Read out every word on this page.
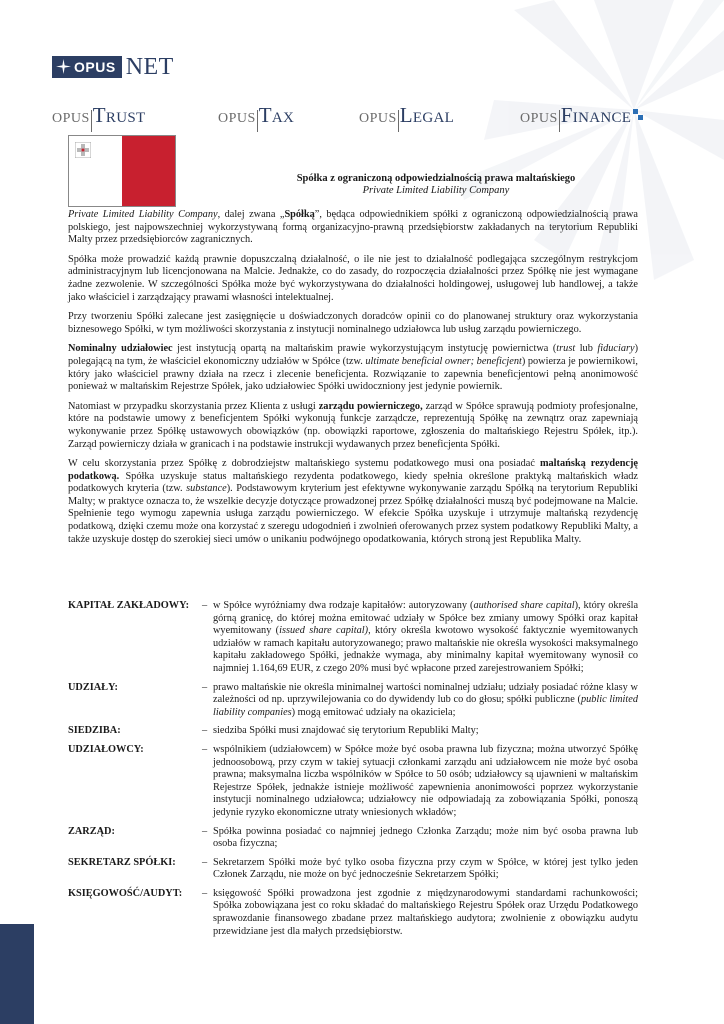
OPUS NET
OPUS Trust	OPUS Tax	OPUS Legal	OPUS Finance
Spółka z ograniczoną odpowiedzialnością prawa maltańskiego
Private Limited Liability Company

Private Limited Liability Company, dalej zwana „Spółką”, będąca odpowiednikiem spółki z ograniczoną odpowiedzialnością prawa polskiego, jest najpowszechniej wykorzystywaną formą organizacyjno-prawną przedsiębiorstw zakładanych na terytorium Republiki Malty przez przedsiębiorców zagranicznych.

Spółka może prowadzić każdą prawnie dopuszczalną działalność, o ile nie jest to działalność podlegająca szczególnym restrykcjom administracyjnym lub licencjonowana na Malcie. Jednakże, co do zasady, do rozpoczęcia działalności przez Spółkę nie jest wymagane żadne zezwolenie. W szczególności Spółka może być wykorzystywana do działalności holdingowej, usługowej lub handlowej, a także jako właściciel i zarządzający prawami własności intelektualnej.

Przy tworzeniu Spółki zalecane jest zasięgnięcie u doświadczonych doradców opinii co do planowanej struktury oraz wykorzystania biznesowego Spółki, w tym możliwości skorzystania z instytucji nominalnego udziałowca lub usług zarządu powierniczego.

Nominalny udziałowiec jest instytucją opartą na maltańskim prawie wykorzystującym instytucję powiernictwa (trust lub fiduciary) polegającą na tym, że właściciel ekonomiczny udziałów w Spółce (tzw. ultimate beneficial owner; beneficjent) powierza je powiernikowi, który jako właściciel prawny działa na rzecz i zlecenie beneficjenta. Rozwiązanie to zapewnia beneficjentowi pełną anonimowość ponieważ w maltańskim Rejestrze Spółek, jako udziałowiec Spółki uwidoczniony jest jedynie powiernik.

Natomiast w przypadku skorzystania przez Klienta z usługi zarządu powierniczego, zarząd w Spółce sprawują podmioty profesjonalne, które na podstawie umowy z beneficjentem Spółki wykonują funkcje zarządcze, reprezentują Spółkę na zewnątrz oraz zapewniają wykonywanie przez Spółkę ustawowych obowiązków (np. obowiązki raportowe, zgłoszenia do maltańskiego Rejestru Spółek, itp.). Zarząd powierniczy działa w granicach i na podstawie instrukcji wydawanych przez beneficjenta Spółki.

W celu skorzystania przez Spółkę z dobrodziejstw maltańskiego systemu podatkowego musi ona posiadać maltańską rezydencję podatkową. Spółka uzyskuje status maltańskiego rezydenta podatkowego, kiedy spełnia określone praktyką maltańskich władz podatkowych kryteria (tzw. substance). Podstawowym kryterium jest efektywne wykonywanie zarządu Spółką na terytorium Republiki Malty; w praktyce oznacza to, że wszelkie decyzje dotyczące prowadzonej przez Spółkę działalności muszą być podejmowane na Malcie. Spełnienie tego wymogu zapewnia usługa zarządu powierniczego. W efekcie Spółka uzyskuje i utrzymuje maltańską rezydencję podatkową, dzięki czemu może ona korzystać z szeregu udogodnień i zwolnień oferowanych przez system podatkowy Republiki Malty, a także uzyskuje dostęp do szerokiej sieci umów o unikaniu podwójnego opodatkowania, których stroną jest Republika Malty.

KAPITAŁ ZAKŁADOWY:	– w Spółce wyróżniamy dwa rodzaje kapitałów: autoryzowany (authorised share capital), który określa górną granicę, do której można emitować udziały w Spółce bez zmiany umowy Spółki oraz kapitał wyemitowany (issued share capital), który określa kwotowo wysokość faktycznie wyemitowanych udziałów w ramach kapitału autoryzowanego; prawo maltańskie nie określa wysokości maksymalnego kapitału zakładowego Spółki, jednakże wymaga, aby minimalny kapitał wyemitowany wynosił co najmniej 1.164,69 EUR, z czego 20% musi być wpłacone przed zarejestrowaniem Spółki;
UDZIAŁY:	– prawo maltańskie nie określa minimalnej wartości nominalnej udziału; udziały posiadać różne klasy w zależności od np. uprzywilejowania co do dywidendy lub co do głosu; spółki publiczne (public limited liability companies) mogą emitować udziały na okaziciela;
SIEDZIBA:	– siedziba Spółki musi znajdować się terytorium Republiki Malty;
UDZIAŁOWCY:	– wspólnikiem (udziałowcem) w Spółce może być osoba prawna lub fizyczna; można utworzyć Spółkę jednoosobową, przy czym w takiej sytuacji członkami zarządu ani udziałowcem nie może być osoba prawna; maksymalna liczba wspólników w Spółce to 50 osób; udziałowcy są ujawnieni w maltańskim Rejestrze Spółek, jednakże istnieje możliwość zapewnienia anonimowości poprzez wykorzystanie instytucji nominalnego udziałowca; udziałowcy nie odpowiadają za zobowiązania Spółki, ponoszą jedynie ryzyko ekonomiczne utraty wniesionych wkładów;
ZARZĄD:	– Spółka powinna posiadać co najmniej jednego Członka Zarządu; może nim być osoba prawna lub osoba fizyczna;
SEKRETARZ SPÓŁKI:	– Sekretarzem Spółki może być tylko osoba fizyczna przy czym w Spółce, w której jest tylko jeden Członek Zarządu, nie może on być jednocześnie Sekretarzem Spółki;
KSIĘGOWOŚĆ/AUDYT:	– księgowość Spółki prowadzona jest zgodnie z międzynarodowymi standardami rachunkowości; Spółka zobowiązana jest co roku składać do maltańskiego Rejestru Spółek oraz Urzędu Podatkowego sprawozdanie finansowego zbadane przez maltańskiego audytora; zwolnienie z obowiązku audytu przewidziane jest dla małych przedsiębiorstw.
